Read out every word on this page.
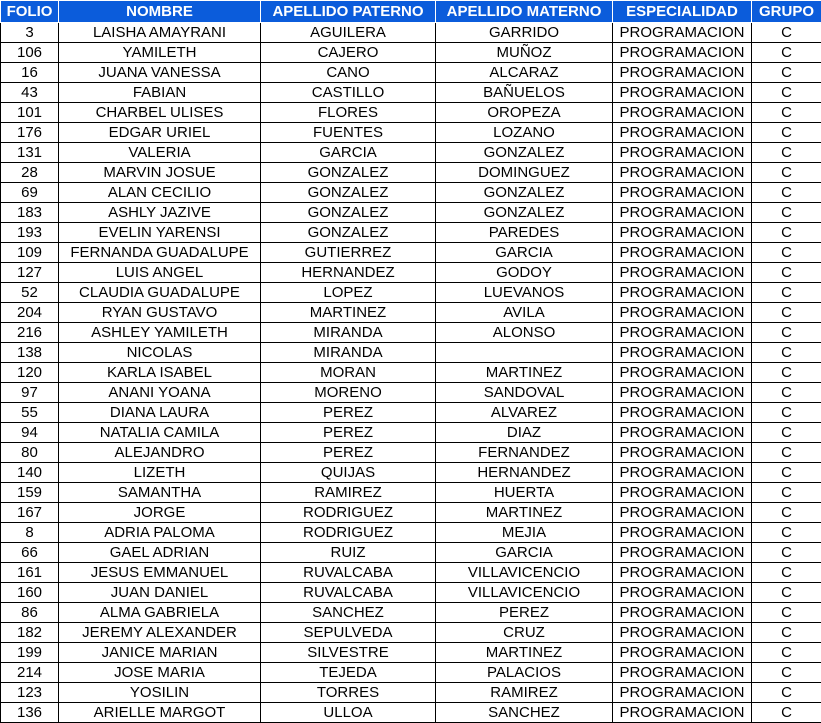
FOLIO	NOMBRE	APELLIDO PATERNO	APELLIDO MATERNO	ESPECIALIDAD	GRUPO
3	LAISHA AMAYRANI	AGUILERA	GARRIDO	PROGRAMACION	C
106	YAMILETH	CAJERO	MUÑOZ	PROGRAMACION	C
16	JUANA VANESSA	CANO	ALCARAZ	PROGRAMACION	C
43	FABIAN	CASTILLO	BAÑUELOS	PROGRAMACION	C
101	CHARBEL ULISES	FLORES	OROPEZA	PROGRAMACION	C
176	EDGAR URIEL	FUENTES	LOZANO	PROGRAMACION	C
131	VALERIA	GARCIA	GONZALEZ	PROGRAMACION	C
28	MARVIN JOSUE	GONZALEZ	DOMINGUEZ	PROGRAMACION	C
69	ALAN CECILIO	GONZALEZ	GONZALEZ	PROGRAMACION	C
183	ASHLY JAZIVE	GONZALEZ	GONZALEZ	PROGRAMACION	C
193	EVELIN YARENSI	GONZALEZ	PAREDES	PROGRAMACION	C
109	FERNANDA GUADALUPE	GUTIERREZ	GARCIA	PROGRAMACION	C
127	LUIS ANGEL	HERNANDEZ	GODOY	PROGRAMACION	C
52	CLAUDIA GUADALUPE	LOPEZ	LUEVANOS	PROGRAMACION	C
204	RYAN GUSTAVO	MARTINEZ	AVILA	PROGRAMACION	C
216	ASHLEY YAMILETH	MIRANDA	ALONSO	PROGRAMACION	C
138	NICOLAS	MIRANDA		PROGRAMACION	C
120	KARLA ISABEL	MORAN	MARTINEZ	PROGRAMACION	C
97	ANANI YOANA	MORENO	SANDOVAL	PROGRAMACION	C
55	DIANA LAURA	PEREZ	ALVAREZ	PROGRAMACION	C
94	NATALIA CAMILA	PEREZ	DIAZ	PROGRAMACION	C
80	ALEJANDRO	PEREZ	FERNANDEZ	PROGRAMACION	C
140	LIZETH	QUIJAS	HERNANDEZ	PROGRAMACION	C
159	SAMANTHA	RAMIREZ	HUERTA	PROGRAMACION	C
167	JORGE	RODRIGUEZ	MARTINEZ	PROGRAMACION	C
8	ADRIA PALOMA	RODRIGUEZ	MEJIA	PROGRAMACION	C
66	GAEL ADRIAN	RUIZ	GARCIA	PROGRAMACION	C
161	JESUS EMMANUEL	RUVALCABA	VILLAVICENCIO	PROGRAMACION	C
160	JUAN DANIEL	RUVALCABA	VILLAVICENCIO	PROGRAMACION	C
86	ALMA GABRIELA	SANCHEZ	PEREZ	PROGRAMACION	C
182	JEREMY ALEXANDER	SEPULVEDA	CRUZ	PROGRAMACION	C
199	JANICE MARIAN	SILVESTRE	MARTINEZ	PROGRAMACION	C
214	JOSE MARIA	TEJEDA	PALACIOS	PROGRAMACION	C
123	YOSILIN	TORRES	RAMIREZ	PROGRAMACION	C
136	ARIELLE MARGOT	ULLOA	SANCHEZ	PROGRAMACION	C
